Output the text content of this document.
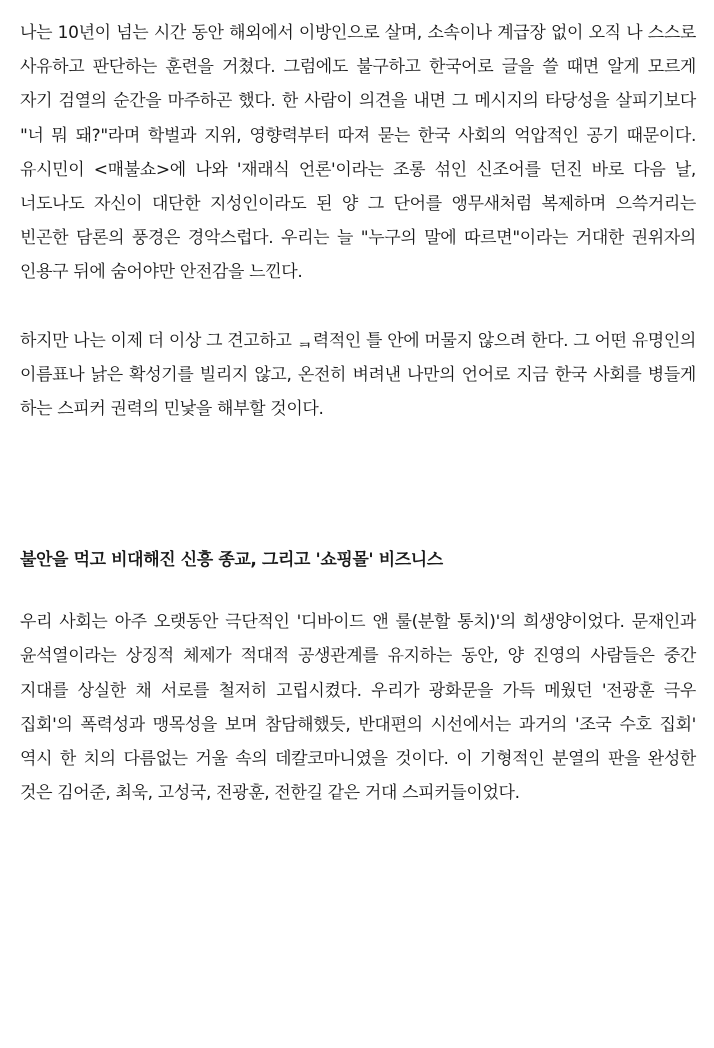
나는 10년이 넘는 시간 동안 해외에서 이방인으로 살며, 소속이나 계급장 없이 오직 나 스스로 사유하고 판단하는 훈련을 거쳤다. 그럼에도 불구하고 한국어로 글을 쓸 때면 알게 모르게 자기 검열의 순간을 마주하곤 했다. 한 사람이 의견을 내면 그 메시지의 타당성을 살피기보다 "너 뭐 돼?"라며 학벌과 지위, 영향력부터 따져 묻는 한국 사회의 억압적인 공기 때문이다. 유시민이 <매불쇼>에 나와 '재래식 언론'이라는 조롱 섞인 신조어를 던진 바로 다음 날, 너도나도 자신이 대단한 지성인이라도 된 양 그 단어를 앵무새처럼 복제하며 으쓱거리는 빈곤한 담론의 풍경은 경악스럽다. 우리는 늘 "누구의 말에 따르면"이라는 거대한 권위자의 인용구 뒤에 숨어야만 안전감을 느낀다.

하지만 나는 이제 더 이상 그 견고하고 ᆿ력적인 틀 안에 머물지 않으려 한다. 그 어떤 유명인의 이름표나 낡은 확성기를 빌리지 않고, 온전히 벼려낸 나만의 언어로 지금 한국 사회를 병들게 하는 스피커 권력의 민낯을 해부할 것이다.

불안을 먹고 비대해진 신흥 종교, 그리고 '쇼핑몰' 비즈니스

우리 사회는 아주 오랫동안 극단적인 '디바이드 앤 룰(분할 통치)'의 희생양이었다. 문재인과 윤석열이라는 상징적 체제가 적대적 공생관계를 유지하는 동안, 양 진영의 사람들은 중간 지대를 상실한 채 서로를 철저히 고립시켰다. 우리가 광화문을 가득 메웠던 '전광훈 극우 집회'의 폭력성과 맹목성을 보며 참담해했듯, 반대편의 시선에서는 과거의 '조국 수호 집회' 역시 한 치의 다름없는 거울 속의 데칼코마니였을 것이다. 이 기형적인 분열의 판을 완성한 것은 김어준, 최욱, 고성국, 전광훈, 전한길 같은 거대 스피커들이었다.
